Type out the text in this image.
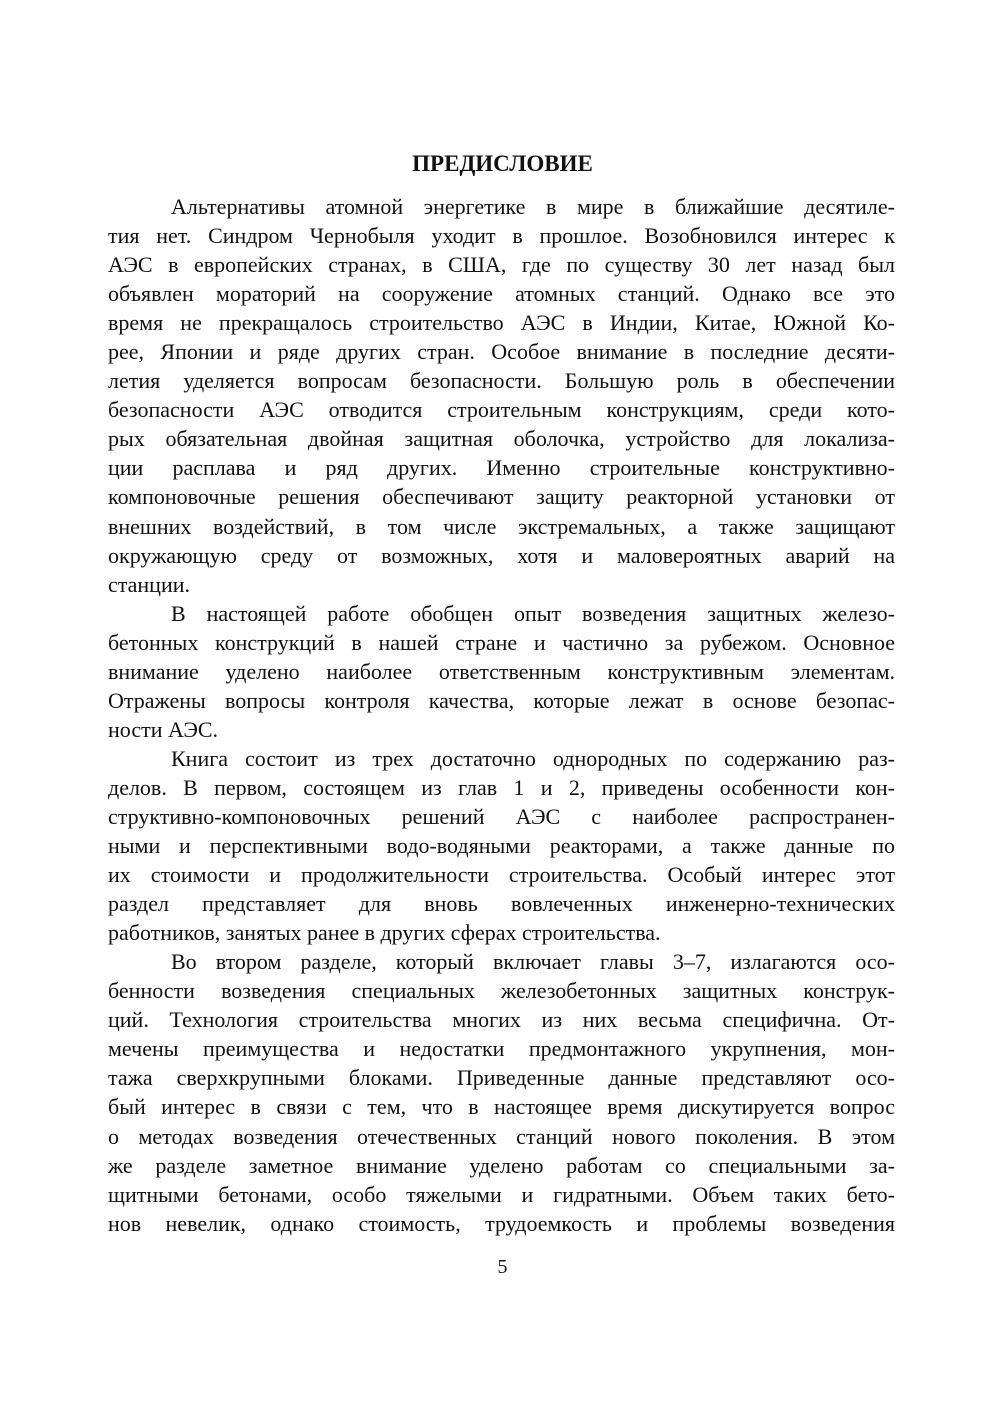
ПРЕДИСЛОВИЕ
Альтернативы атомной энергетике в мире в ближайшие десятиле-
тия нет. Синдром Чернобыля уходит в прошлое. Возобновился интерес к
АЭС в европейских странах, в США, где по существу 30 лет назад был
объявлен мораторий на сооружение атомных станций. Однако все это
время не прекращалось строительство АЭС в Индии, Китае, Южной Ко-
рее, Японии и ряде других стран. Особое внимание в последние десяти-
летия уделяется вопросам безопасности. Большую роль в обеспечении
безопасности АЭС отводится строительным конструкциям, среди кото-
рых обязательная двойная защитная оболочка, устройство для локализа-
ции расплава и ряд других. Именно строительные конструктивно-
компоновочные решения обеспечивают защиту реакторной установки от
внешних воздействий, в том числе экстремальных, а также защищают
окружающую среду от возможных, хотя и маловероятных аварий на
станции.
В настоящей работе обобщен опыт возведения защитных железо-
бетонных конструкций в нашей стране и частично за рубежом. Основное
внимание уделено наиболее ответственным конструктивным элементам.
Отражены вопросы контроля качества, которые лежат в основе безопас-
ности АЭС.
Книга состоит из трех достаточно однородных по содержанию раз-
делов. В первом, состоящем из глав 1 и 2, приведены особенности кон-
структивно-компоновочных решений АЭС с наиболее распространен-
ными и перспективными водо-водяными реакторами, а также данные по
их стоимости и продолжительности строительства. Особый интерес этот
раздел представляет для вновь вовлеченных инженерно-технических
работников, занятых ранее в других сферах строительства.
Во втором разделе, который включает главы 3–7, излагаются осо-
бенности возведения специальных железобетонных защитных конструк-
ций. Технология строительства многих из них весьма специфична. От-
мечены преимущества и недостатки предмонтажного укрупнения, мон-
тажа сверхкрупными блоками. Приведенные данные представляют осо-
бый интерес в связи с тем, что в настоящее время дискутируется вопрос
о методах возведения отечественных станций нового поколения. В этом
же разделе заметное внимание уделено работам со специальными за-
щитными бетонами, особо тяжелыми и гидратными. Объем таких бето-
нов невелик, однако стоимость, трудоемкость и проблемы возведения
5
